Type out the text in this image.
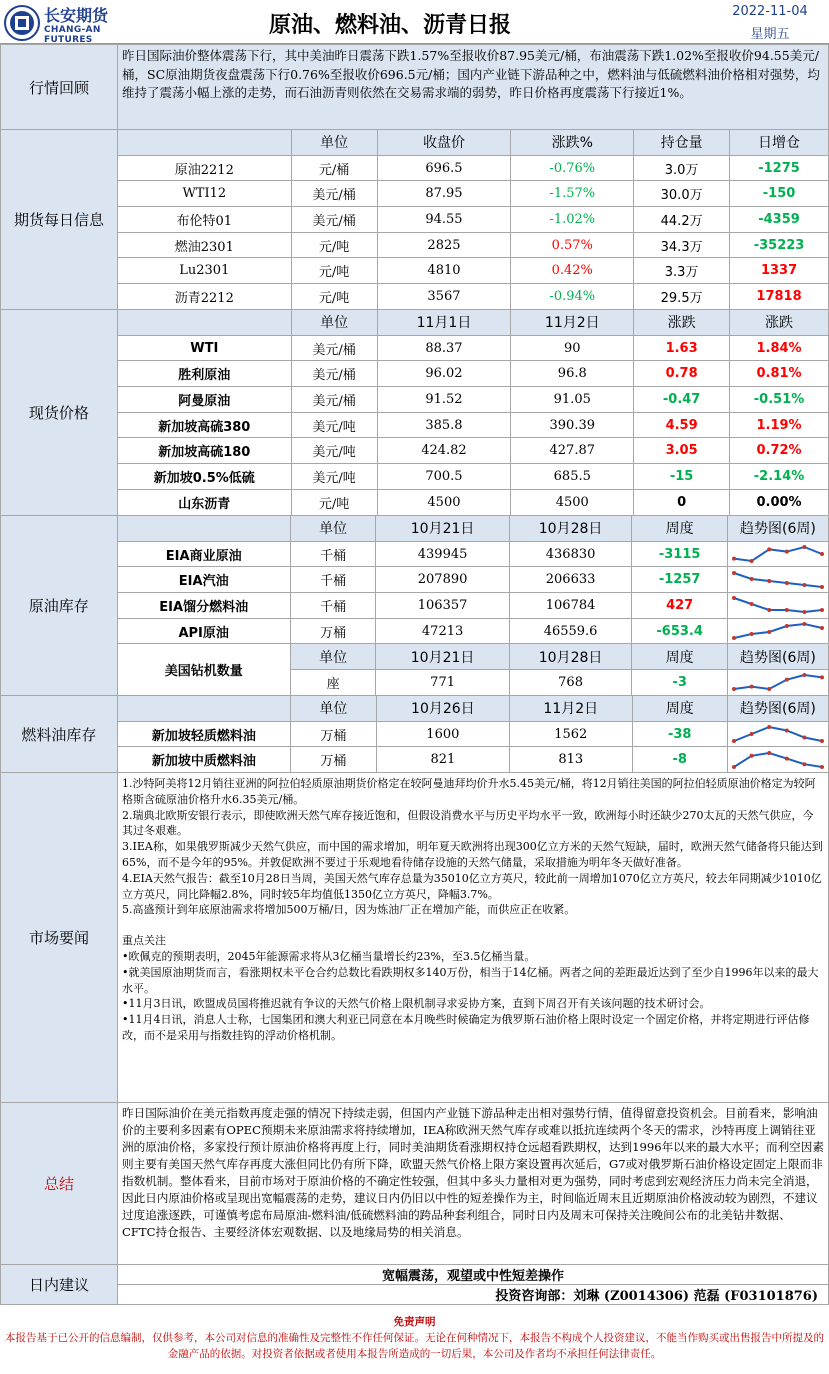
长安期货
CHANG-AN FUTURES
原油、燃料油、沥青日报
2022-11-04
星期五
行情回顾	昨日国际油价整体震荡下行，其中美油昨日震荡下跌1.57%至报收价87.95美元/桶，布油震荡下跌1.02%至报收价94.55美元/桶，SC原油期货夜盘震荡下行0.76%至报收价696.5元/桶；国内产业链下游品种之中，燃料油与低硫燃料油价格相对强势，均维持了震荡小幅上涨的走势，而石油沥青则依然在交易需求端的弱势，昨日价格再度震荡下行接近1%。
期货每日信息		单位	收盘价	涨跌%	持仓量	日增仓
	原油2212	元/桶	696.5	-0.76%	3.0万	-1275
	WTI12	美元/桶	87.95	-1.57%	30.0万	-150
	布伦特01	美元/桶	94.55	-1.02%	44.2万	-4359
	燃油2301	元/吨	2825	0.57%	34.3万	-35223
	Lu2301	元/吨	4810	0.42%	3.3万	1337
	沥青2212	元/吨	3567	-0.94%	29.5万	17818
现货价格		单位	11月1日	11月2日	涨跌	涨跌
	WTI	美元/桶	88.37	90	1.63	1.84%
	胜利原油	美元/桶	96.02	96.8	0.78	0.81%
	阿曼原油	美元/桶	91.52	91.05	-0.47	-0.51%
	新加坡高硫380	美元/吨	385.8	390.39	4.59	1.19%
	新加坡高硫180	美元/吨	424.82	427.87	3.05	0.72%
	新加坡0.5%低硫	美元/吨	700.5	685.5	-15	-2.14%
	山东沥青	元/吨	4500	4500	0	0.00%
原油库存		单位	10月21日	10月28日	周度	趋势图(6周)
	EIA商业原油	千桶	439945	436830	-3115	

	EIA汽油	千桶	207890	206633	-1257	

	EIA馏分燃料油	千桶	106357	106784	427	

	API原油	万桶	47213	46559.6	-653.4	

	美国钻机数量	单位	10月21日	10月28日	周度	趋势图(6周)
		座	771	768	-3	
燃料油库存		单位	10月26日	11月2日	周度	趋势图(6周)
	新加坡轻质燃料油	万桶	1600	1562	-38	

	新加坡中质燃料油	万桶	821	813	-8	
市场要闻	
1.沙特阿美将12月销往亚洲的阿拉伯轻质原油期货价格定在较阿曼迪拜均价升水5.45美元/桶，将12月销往美国的阿拉伯轻质原油价格定为较阿格斯含硫原油价格升水6.35美元/桶。
2.瑞典北欧斯安银行表示，即使欧洲天然气库存接近饱和，但假设消费水平与历史平均水平一致，欧洲每小时还缺少270太瓦的天然气供应，今其过冬艰难。
3.IEA称，如果俄罗斯减少天然气供应，而中国的需求增加，明年夏天欧洲将出现300亿立方米的天然气短缺，届时，欧洲天然气储备将只能达到65%，而不是今年的95%。并敦促欧洲不要过于乐观地看待储存设施的天然气储量，采取措施为明年冬天做好准备。
4.EIA天然气报告：截至10月28日当周，美国天然气库存总量为35010亿立方英尺，较此前一周增加1070亿立方英尺，较去年同期减少1010亿立方英尺，同比降幅2.8%，同时较5年均值低1350亿立方英尺，降幅3.7%。
5.高盛预计到年底原油需求将增加500万桶/日，因为炼油厂正在增加产能，而供应正在收紧。
重点关注
•欧佩克的预期表明，2045年能源需求将从3亿桶当量增长约23%，至3.5亿桶当量。
•就美国原油期货而言，看涨期权未平仓合约总数比看跌期权多140万份，相当于14亿桶。两者之间的差距最近达到了至少自1996年以来的最大水平。
•11月3日讯，欧盟成员国将推迟就有争议的天然气价格上限机制寻求妥协方案，直到下周召开有关该问题的技术研讨会。
•11月4日讯，消息人士称，七国集团和澳大利亚已同意在本月晚些时候确定为俄罗斯石油价格上限时设定一个固定价格，并将定期进行评估修改，而不是采用与指数挂钩的浮动价格机制。
总结	昨日国际油价在美元指数再度走强的情况下持续走弱，但国内产业链下游品种走出相对强势行情，值得留意投资机会。目前看来，影响油价的主要利多因素有OPEC预期未来原油需求将持续增加，IEA称欧洲天然气库存或难以抵抗连续两个冬天的需求，沙特再度上调销往亚洲的原油价格，多家投行预计原油价格将再度上行，同时美油期货看涨期权持仓远超看跌期权，达到1996年以来的最大水平；而利空因素则主要有美国天然气库存再度大涨但同比仍有所下降，欧盟天然气价格上限方案设置再次延后，G7或对俄罗斯石油价格设定固定上限而非指数机制。整体看来，目前市场对于原油价格的不确定性较强，但其中多头力量相对更为强势，同时考虑到宏观经济压力尚未完全消退，因此日内原油价格或呈现出宽幅震荡的走势，建议日内仍旧以中性的短差操作为主，时间临近周末且近期原油价格波动较为剧烈，不建议过度追涨逐跌，可谨慎考虑布局原油-燃料油/低硫燃料油的跨品种套利组合，同时日内及周末可保持关注晚间公布的北美钻井数据、CFTC持仓报告、主要经济体宏观数据、以及地缘局势的相关消息。
日内建议	宽幅震荡，观望或中性短差操作
投资咨询部：刘琳 (Z0014306) 范磊 (F03101876)
免责声明
本报告基于已公开的信息编制，仅供参考，本公司对信息的准确性及完整性不作任何保证。无论在何种情况下，本报告不构成个人投资建议，不能当作购买或出售报告中所提及的金融产品的依据。对投资者依据或者使用本报告所造成的一切后果，本公司及作者均不承担任何法律责任。
